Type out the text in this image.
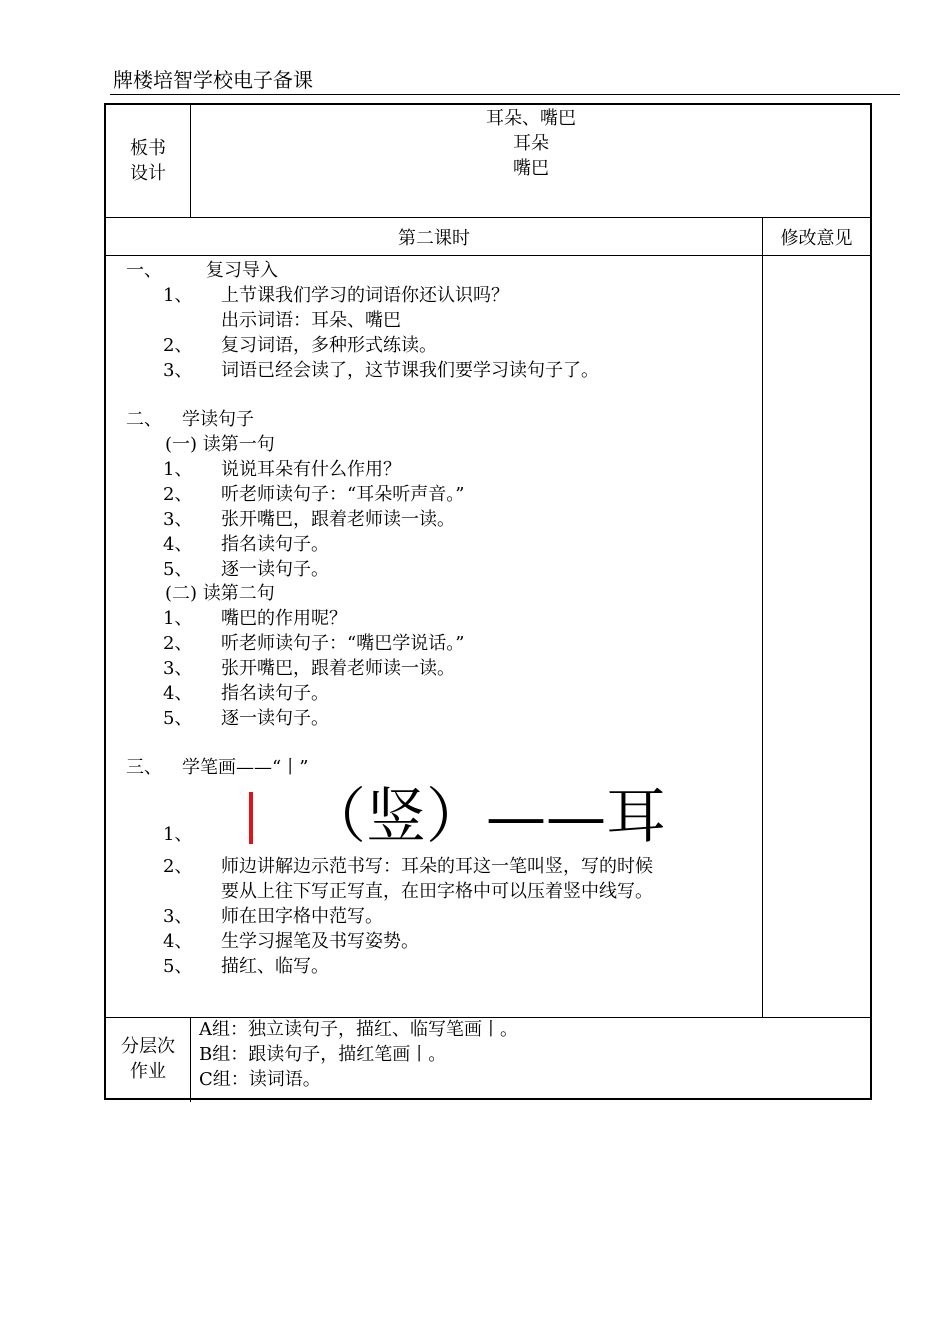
牌楼培智学校电子备课
板书
设计
耳朵、嘴巴
耳朵
嘴巴
第二课时	修改意见
一、 复习导入
1、 上节课我们学习的词语你还认识吗？
出示词语：耳朵、嘴巴
2、 复习词语，多种形式练读。
3、 词语已经会读了，这节课我们要学习读句子了。
二、 学读句子
(一) 读第一句
1、 说说耳朵有什么作用？
2、 听老师读句子：“耳朵听声音。”
3、 张开嘴巴，跟着老师读一读。
4、 指名读句子。
5、 逐一读句子。
(二) 读第二句
1、 嘴巴的作用呢？
2、 听老师读句子：“嘴巴学说话。”
3、 张开嘴巴，跟着老师读一读。
4、 指名读句子。
5、 逐一读句子。
三、 学笔画——“丨”
1、 （竖）——耳
2、 师边讲解边示范书写：耳朵的耳这一笔叫竖，写的时候
要从上往下写正写直，在田字格中可以压着竖中线写。
3、 师在田字格中范写。
4、 生学习握笔及书写姿势。
5、 描红、临写。
分层次
作业
A组：独立读句子，描红、临写笔画丨。
B组：跟读句子，描红笔画丨。
C组：读词语。
